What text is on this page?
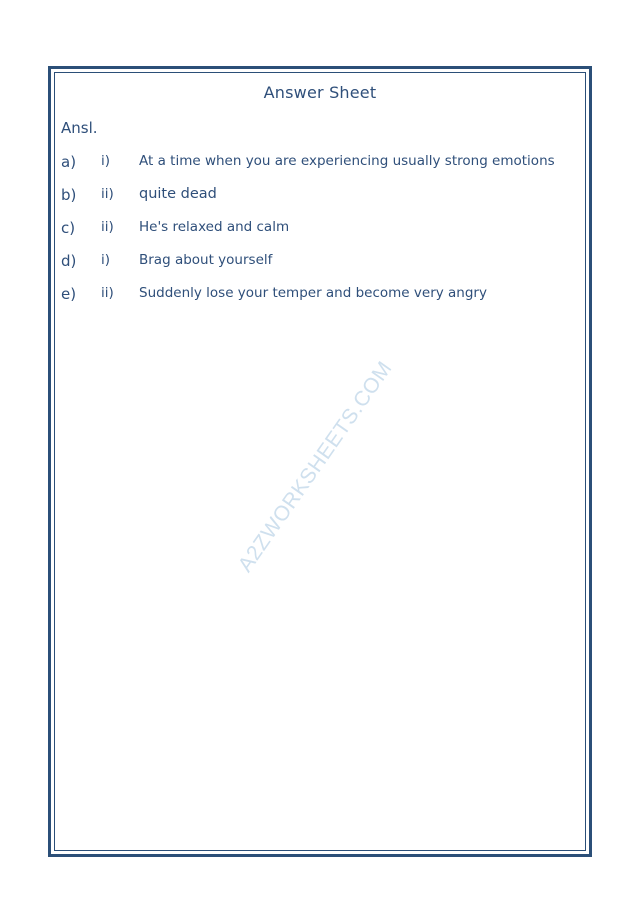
Answer Sheet
Ansl.
a) i) At a time when you are experiencing usually strong emotions
b) ii) quite dead
c) ii) He's relaxed and calm
d) i) Brag about yourself
e) ii) Suddenly lose your temper and become very angry
A2ZWORKSHEETS.COM
